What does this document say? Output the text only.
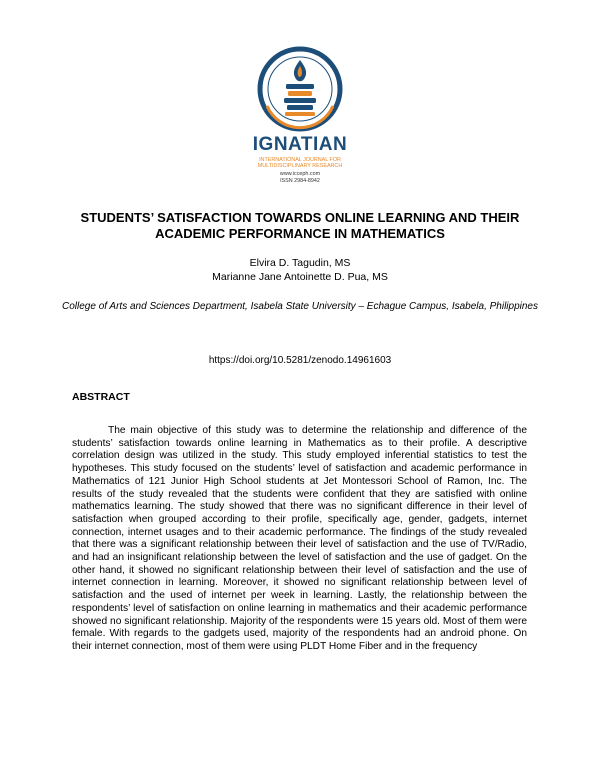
IGNATIAN
INTERNATIONAL JOURNAL FOR MULTIDISCIPLINARY RESEARCH
www.icceph.com
ISSN 2984-8942
STUDENTS’ SATISFACTION TOWARDS ONLINE LEARNING AND THEIR ACADEMIC PERFORMANCE IN MATHEMATICS
Elvira D. Tagudin, MS
Marianne Jane Antoinette D. Pua, MS
College of Arts and Sciences Department, Isabela State University – Echague Campus, Isabela, Philippines
https://doi.org/10.5281/zenodo.14961603
ABSTRACT

The main objective of this study was to determine the relationship and difference of the students’ satisfaction towards online learning in Mathematics as to their profile. A descriptive correlation design was utilized in the study. This study employed inferential statistics to test the hypotheses. This study focused on the students’ level of satisfaction and academic performance in Mathematics of 121 Junior High School students at Jet Montessori School of Ramon, Inc. The results of the study revealed that the students were confident that they are satisfied with online mathematics learning. The study showed that there was no significant difference in their level of satisfaction when grouped according to their profile, specifically age, gender, gadgets, internet connection, internet usages and to their academic performance. The findings of the study revealed that there was a significant relationship between their level of satisfaction and the use of TV/Radio, and had an insignificant relationship between the level of satisfaction and the use of gadget. On the other hand, it showed no significant relationship between their level of satisfaction and the use of internet connection in learning. Moreover, it showed no significant relationship between level of satisfaction and the used of internet per week in learning. Lastly, the relationship between the respondents’ level of satisfaction on online learning in mathematics and their academic performance showed no significant relationship. Majority of the respondents were 15 years old. Most of them were female. With regards to the gadgets used, majority of the respondents had an android phone. On their internet connection, most of them were using PLDT Home Fiber and in the frequency
